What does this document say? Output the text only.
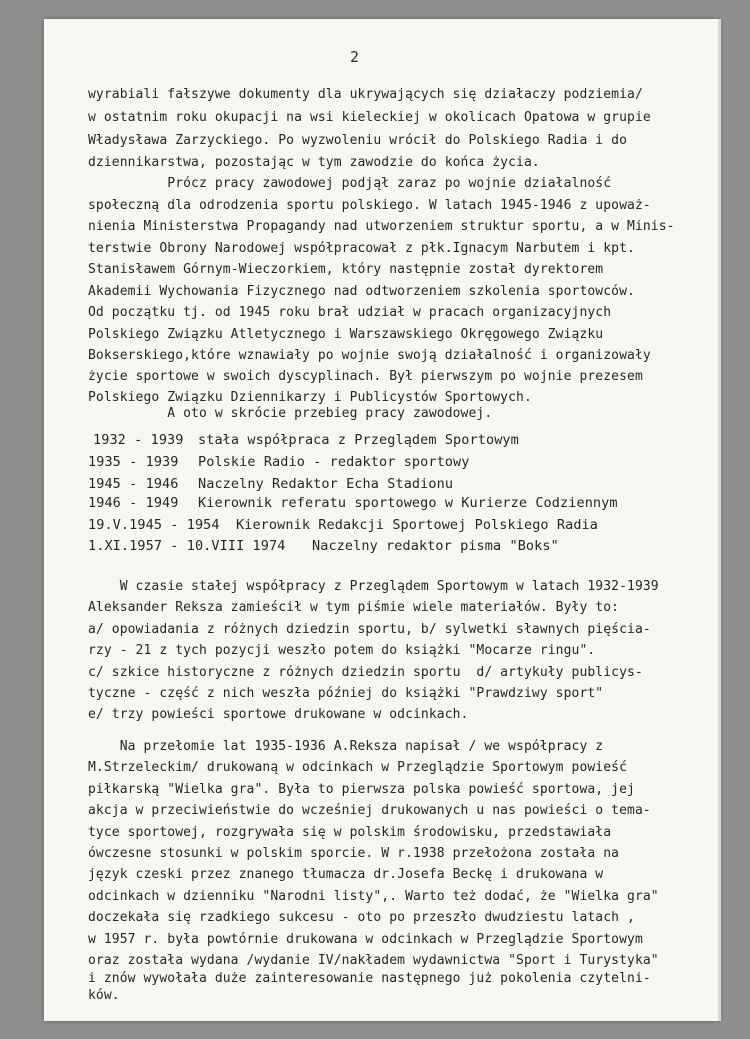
2
wyrabiali fałszywe dokumenty dla ukrywających się działaczy podziemia/
w ostatnim roku okupacji na wsi kieleckiej w okolicach Opatowa w grupie
Władysława Zarzyckiego. Po wyzwoleniu wrócił do Polskiego Radia i do
dziennikarstwa, pozostając w tym zawodzie do końca życia.
Prócz pracy zawodowej podjął zaraz po wojnie działalność
społeczną dla odrodzenia sportu polskiego. W latach 1945-1946 z upoważ-
nienia Ministerstwa Propagandy nad utworzeniem struktur sportu, a w Minis-
terstwie Obrony Narodowej współpracował z płk.Ignacym Narbutem i kpt.
Stanisławem Górnym-Wieczorkiem, który następnie został dyrektorem
Akademii Wychowania Fizycznego nad odtworzeniem szkolenia sportowców.
Od początku tj. od 1945 roku brał udział w pracach organizacyjnych
Polskiego Związku Atletycznego i Warszawskiego Okręgowego Związku
Bokserskiego,które wznawiały po wojnie swoją działalność i organizowały
życie sportowe w swoich dyscyplinach. Był pierwszym po wojnie prezesem
Polskiego Związku Dziennikarzy i Publicystów Sportowych.
A oto w skrócie przebieg pracy zawodowej.
1932 - 1939 stała współpraca z Przeglądem Sportowym
1935 - 1939 Polskie Radio - redaktor sportowy
1945 - 1946 Naczelny Redaktor Echa Stadionu
1946 - 1949 Kierownik referatu sportowego w Kurierze Codziennym
19.V.1945 - 1954 Kierownik Redakcji Sportowej Polskiego Radia
1.XI.1957 - 10.VIII 1974 Naczelny redaktor pisma "Boks"
W czasie stałej współpracy z Przeglądem Sportowym w latach 1932-1939
Aleksander Reksza zamieścił w tym piśmie wiele materiałów. Były to:
a/ opowiadania z różnych dziedzin sportu, b/ sylwetki sławnych pięścia-
rzy - 21 z tych pozycji weszło potem do książki "Mocarze ringu".
c/ szkice historyczne z różnych dziedzin sportu  d/ artykuły publicys-
tyczne - część z nich weszła później do książki "Prawdziwy sport"
e/ trzy powieści sportowe drukowane w odcinkach.
Na przełomie lat 1935-1936 A.Reksza napisał / we współpracy z
M.Strzeleckim/ drukowaną w odcinkach w Przeglądzie Sportowym powieść
piłkarską "Wielka gra". Była to pierwsza polska powieść sportowa, jej
akcja w przeciwieństwie do wcześniej drukowanych u nas powieści o tema-
tyce sportowej, rozgrywała się w polskim środowisku, przedstawiała
ówczesne stosunki w polskim sporcie. W r.1938 przełożona została na
język czeski przez znanego tłumacza dr.Josefa Beckę i drukowana w
odcinkach w dzienniku "Narodni listy",. Warto też dodać, że "Wielka gra"
doczekała się rzadkiego sukcesu - oto po przeszło dwudziestu latach ,
w 1957 r. była powtórnie drukowana w odcinkach w Przeglądzie Sportowym
oraz została wydana /wydanie IV/nakładem wydawnictwa "Sport i Turystyka"
i znów wywołała duże zainteresowanie następnego już pokolenia czytelni-
ków.
